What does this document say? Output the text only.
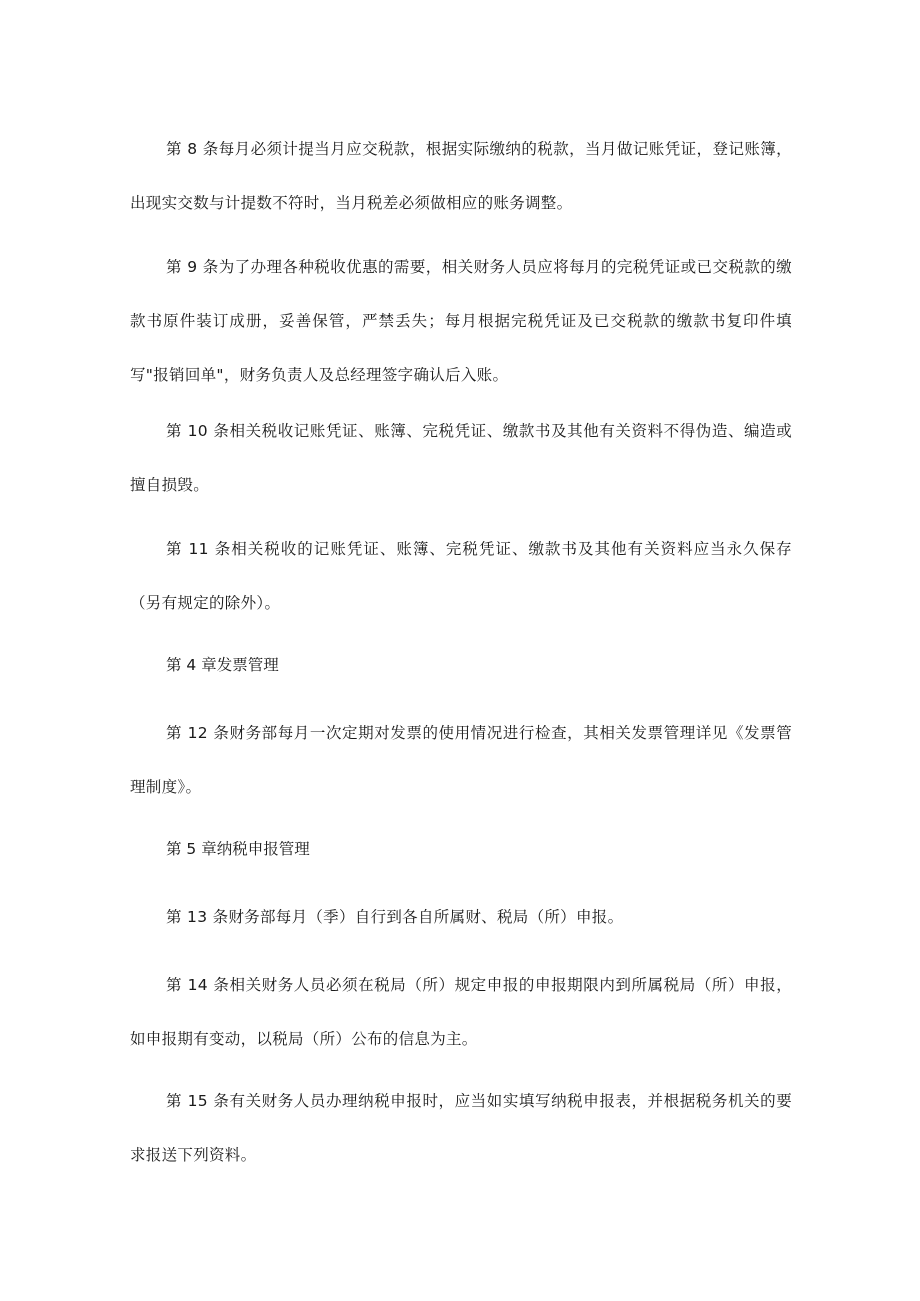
第 8 条每月必须计提当月应交税款，根据实际缴纳的税款，当月做记账凭证，登记账簿，出现实交数与计提数不符时，当月税差必须做相应的账务调整。

第 9 条为了办理各种税收优惠的需要，相关财务人员应将每月的完税凭证或已交税款的缴款书原件装订成册，妥善保管，严禁丢失；每月根据完税凭证及已交税款的缴款书复印件填写"报销回单"，财务负责人及总经理签字确认后入账。

第 10 条相关税收记账凭证、账簿、完税凭证、缴款书及其他有关资料不得伪造、编造或擅自损毁。

第 11 条相关税收的记账凭证、账簿、完税凭证、缴款书及其他有关资料应当永久保存（另有规定的除外）。

第 4 章发票管理

第 12 条财务部每月一次定期对发票的使用情况进行检查，其相关发票管理详见《发票管理制度》。

第 5 章纳税申报管理

第 13 条财务部每月（季）自行到各自所属财、税局（所）申报。

第 14 条相关财务人员必须在税局（所）规定申报的申报期限内到所属税局（所）申报，如申报期有变动，以税局（所）公布的信息为主。

第 15 条有关财务人员办理纳税申报时，应当如实填写纳税申报表，并根据税务机关的要求报送下列资料。
